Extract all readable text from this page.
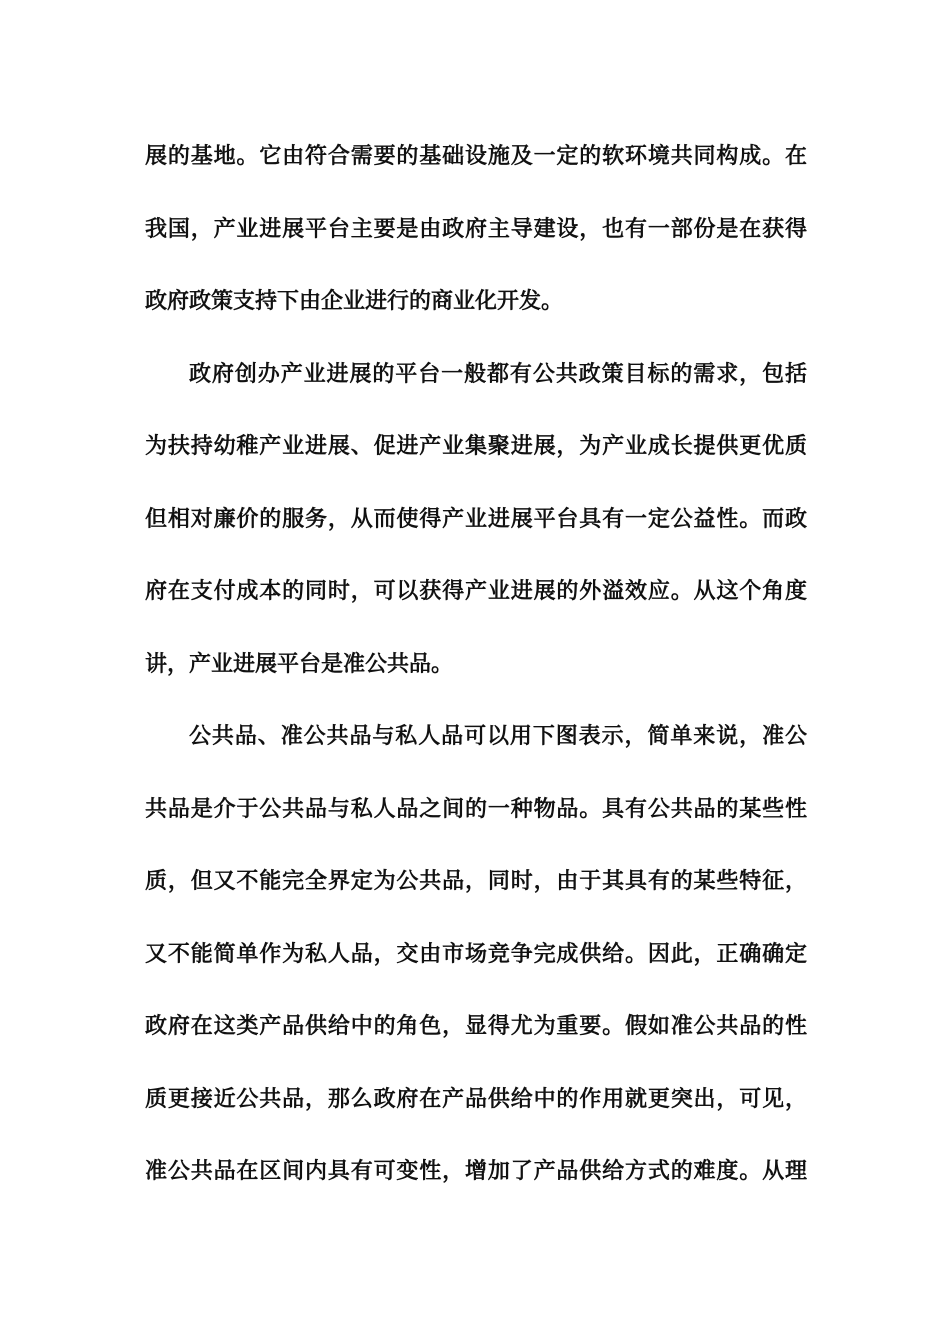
展的基地。它由符合需要的基础设施及一定的软环境共同构成。在
我国，产业进展平台主要是由政府主导建设，也有一部份是在获得
政府政策支持下由企业进行的商业化开发。
政府创办产业进展的平台一般都有公共政策目标的需求，包括
为扶持幼稚产业进展、促进产业集聚进展，为产业成长提供更优质
但相对廉价的服务，从而使得产业进展平台具有一定公益性。而政
府在支付成本的同时，可以获得产业进展的外溢效应。从这个角度
讲，产业进展平台是准公共品。
公共品、准公共品与私人品可以用下图表示，简单来说，准公
共品是介于公共品与私人品之间的一种物品。具有公共品的某些性
质，但又不能完全界定为公共品，同时，由于其具有的某些特征，
又不能简单作为私人品，交由市场竞争完成供给。因此，正确确定
政府在这类产品供给中的角色，显得尤为重要。假如准公共品的性
质更接近公共品，那么政府在产品供给中的作用就更突出，可见，
准公共品在区间内具有可变性，增加了产品供给方式的难度。从理
